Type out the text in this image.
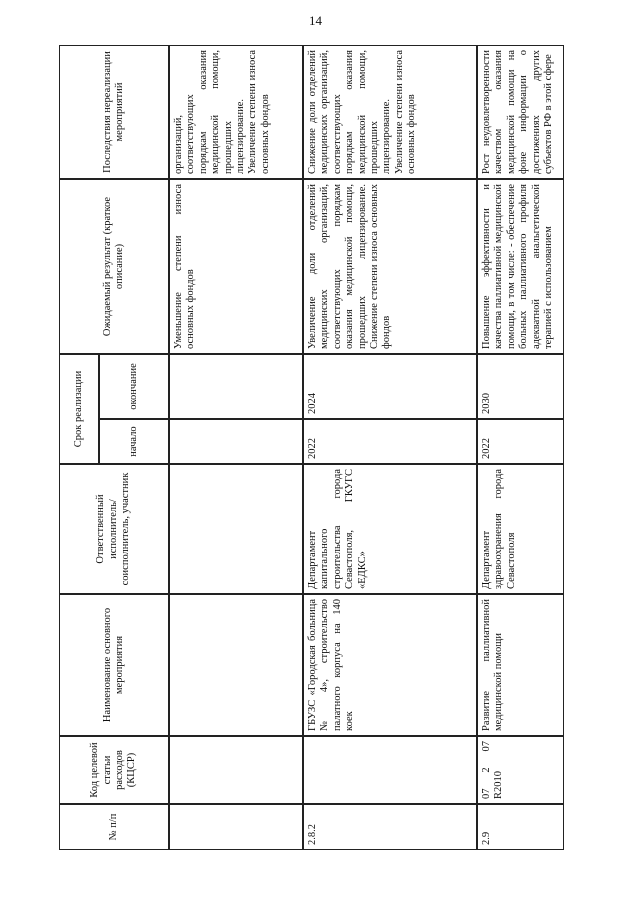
14
№ п/п
Код целевой статьи расходов (КЦСР)
Наименование основного мероприятия
Ответственный исполнитель/соисполнитель, участник
Срок реализации	начало
окончание
Ожидаемый результат (краткое описание)
Последствия нереализации мероприятий
Уменьшение степени износа основных фондов
организаций, соответствующих порядкам оказания медицинской помощи, прошедших лицензирование. Увеличение степени износа основных фондов
2.8.2
ГБУЗС «Городская больница № 4», строительство палатного корпуса на 140 коек
Департамент капитального строительства города Севастополя, ГКУГС «ЕДКС»
2022
2024
Увеличение доли отделений медицинских организаций, соответствующих порядкам оказания медицинской помощи, прошедших лицензирование. Снижение степени износа основных фондов
Снижение доли отделений медицинских организаций, соответствующих порядкам оказания медицинской помощи, прошедших лицензирование. Увеличение степени износа основных фондов
2.9
07 2 07 R2010
Развитие паллиативной медицинской помощи
Департамент здравоохранения города Севастополя
2022
2030
Повышение эффективности и качества паллиативной медицинской помощи, в том числе: - обеспечение больных паллиативного профиля адекватной анальгетической терапией с использованием
Рост неудовлетворенности качеством оказания медицинской помощи на фоне информации о достижениях других субъектов РФ в этой сфере
